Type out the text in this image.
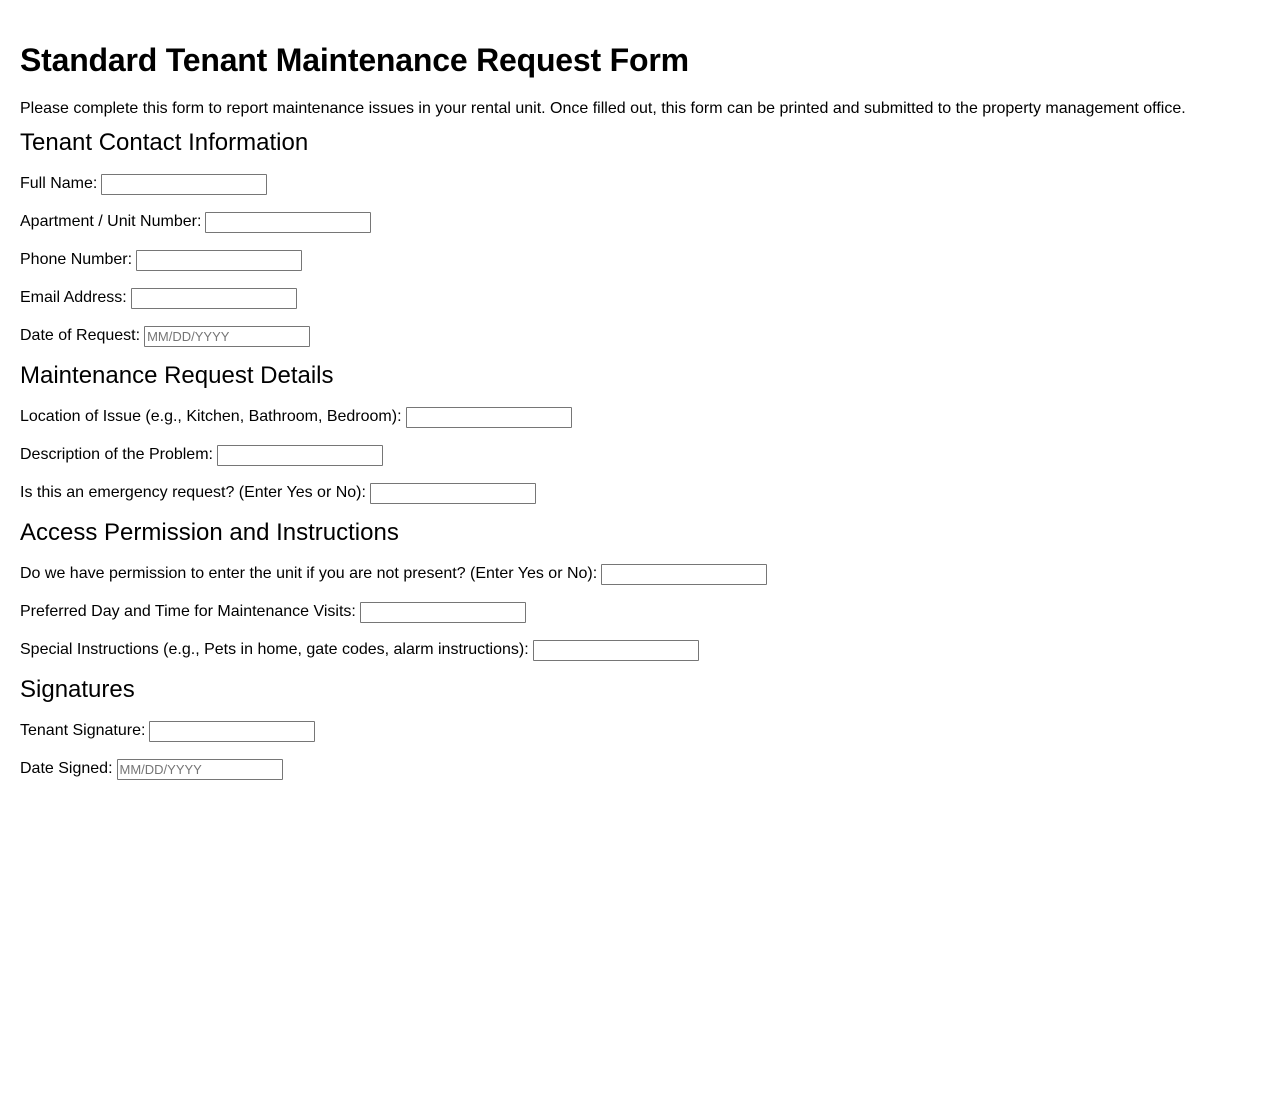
Standard Tenant Maintenance Request Form

Please complete this form to report maintenance issues in your rental unit. Once filled out, this form can be printed and submitted to the property management office.

Tenant Contact Information
Full Name:
Apartment / Unit Number:
Phone Number:
Email Address:
Date of Request:
MM/DD/YYYY
Maintenance Request Details
Location of Issue (e.g., Kitchen, Bathroom, Bedroom):
Description of the Problem:
Is this an emergency request? (Enter Yes or No):
Access Permission and Instructions
Do we have permission to enter the unit if you are not present? (Enter Yes or No):
Preferred Day and Time for Maintenance Visits:
Special Instructions (e.g., Pets in home, gate codes, alarm instructions):
Signatures
Tenant Signature:
Date Signed:
MM/DD/YYYY
